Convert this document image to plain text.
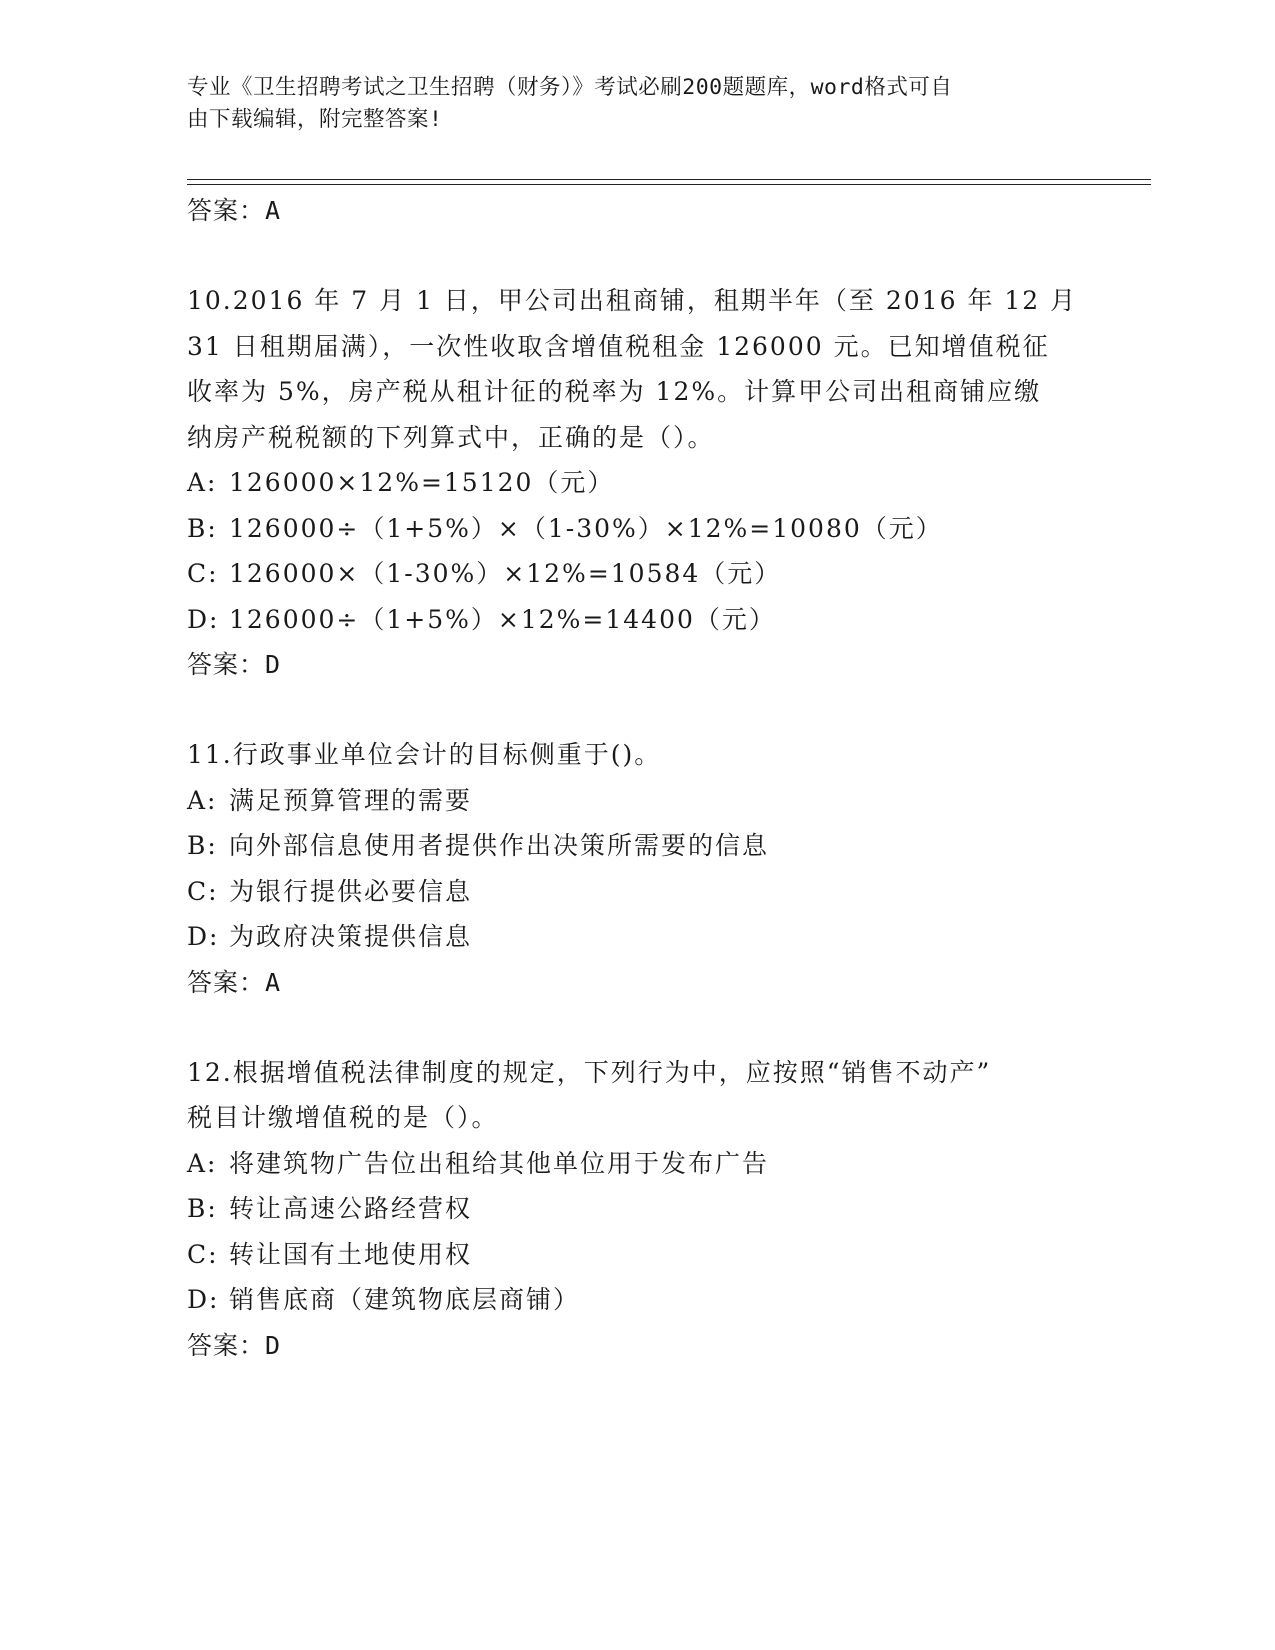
专业《卫生招聘考试之卫生招聘（财务）》考试必刷200题题库，word格式可自
由下载编辑，附完整答案!
答案：A
10.2016 年 7 月 1 日，甲公司出租商铺，租期半年（至 2016 年 12 月
31 日租期届满），一次性收取含增值税租金 126000 元。已知增值税征
收率为 5%，房产税从租计征的税率为 12%。计算甲公司出租商铺应缴
纳房产税税额的下列算式中，正确的是（）。
A: 126000×12%=15120（元）
B: 126000÷（1+5%）×（1-30%）×12%=10080（元）
C: 126000×（1-30%）×12%=10584（元）
D: 126000÷（1+5%）×12%=14400（元）
答案：D
11.行政事业单位会计的目标侧重于()。
A: 满足预算管理的需要
B: 向外部信息使用者提供作出决策所需要的信息
C: 为银行提供必要信息
D: 为政府决策提供信息
答案：A
12.根据增值税法律制度的规定，下列行为中，应按照“销售不动产”
税目计缴增值税的是（）。
A: 将建筑物广告位出租给其他单位用于发布广告
B: 转让高速公路经营权
C: 转让国有土地使用权
D: 销售底商（建筑物底层商铺）
答案：D
